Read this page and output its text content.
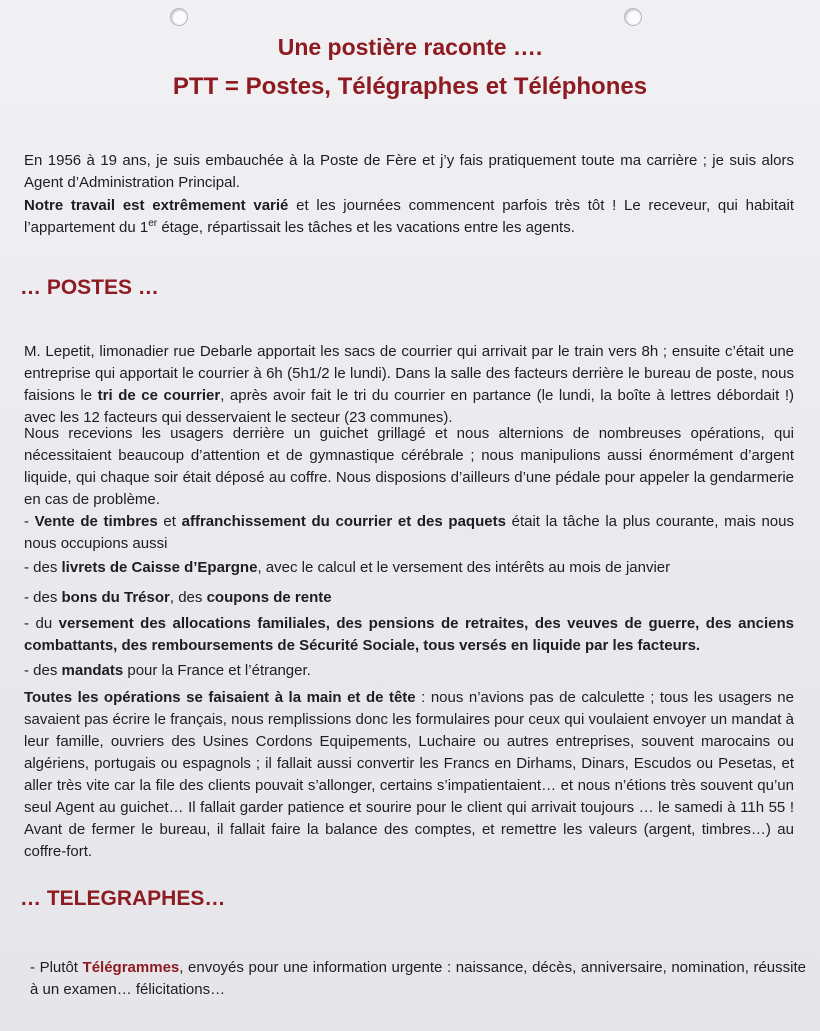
Une postière raconte ….
PTT = Postes, Télégraphes et Téléphones

En 1956 à 19 ans, je suis embauchée à la Poste de Fère et j’y fais pratiquement toute ma carrière ; je suis alors Agent d’Administration Principal.

Notre travail est extrêmement varié et les journées commencent parfois très tôt ! Le receveur, qui habitait l’appartement du 1er étage, répartissait les tâches et les vacations entre les agents.

… POSTES …

M. Lepetit, limonadier rue Debarle apportait les sacs de courrier qui arrivait par le train vers 8h ; ensuite c’était une entreprise qui apportait le courrier à 6h (5h1/2 le lundi). Dans la salle des facteurs derrière le bureau de poste, nous faisions le tri de ce courrier, après avoir fait le tri du courrier en partance (le lundi, la boîte à lettres débordait !) avec les 12 facteurs qui desservaient le secteur (23 communes).

Nous recevions les usagers derrière un guichet grillagé et nous alternions de nombreuses opérations, qui nécessitaient beaucoup d’attention et de gymnastique cérébrale ; nous manipulions aussi énormément d’argent liquide, qui chaque soir était déposé au coffre. Nous disposions d’ailleurs d’une pédale pour appeler la gendarmerie en cas de problème.

- Vente de timbres et affranchissement du courrier et des paquets était la tâche la plus courante, mais nous nous occupions aussi

- des livrets de Caisse d’Epargne, avec le calcul et le versement des intérêts au mois de janvier

- des bons du Trésor, des coupons de rente

- du versement des allocations familiales, des pensions de retraites, des veuves de guerre, des anciens combattants, des remboursements de Sécurité Sociale, tous versés en liquide par les facteurs.

- des mandats pour la France et l’étranger.

Toutes les opérations se faisaient à la main et de tête : nous n’avions pas de calculette ; tous les usagers ne savaient pas écrire le français, nous remplissions donc les formulaires pour ceux qui voulaient envoyer un mandat à leur famille, ouvriers des Usines Cordons Equipements, Luchaire ou autres entreprises, souvent marocains ou algériens, portugais ou espagnols ; il fallait aussi convertir les Francs en Dirhams, Dinars, Escudos ou Pesetas, et aller très vite car la file des clients pouvait s’allonger, certains s’impatientaient… et nous n’étions très souvent qu’un seul Agent au guichet… Il fallait garder patience et sourire pour le client qui arrivait toujours … le samedi à 11h 55 ! Avant de fermer le bureau, il fallait faire la balance des comptes, et remettre les valeurs (argent, timbres…) au coffre-fort.

… TELEGRAPHES…

- Plutôt Télégrammes, envoyés pour une information urgente : naissance, décès, anniversaire, nomination, réussite à un examen… félicitations…
